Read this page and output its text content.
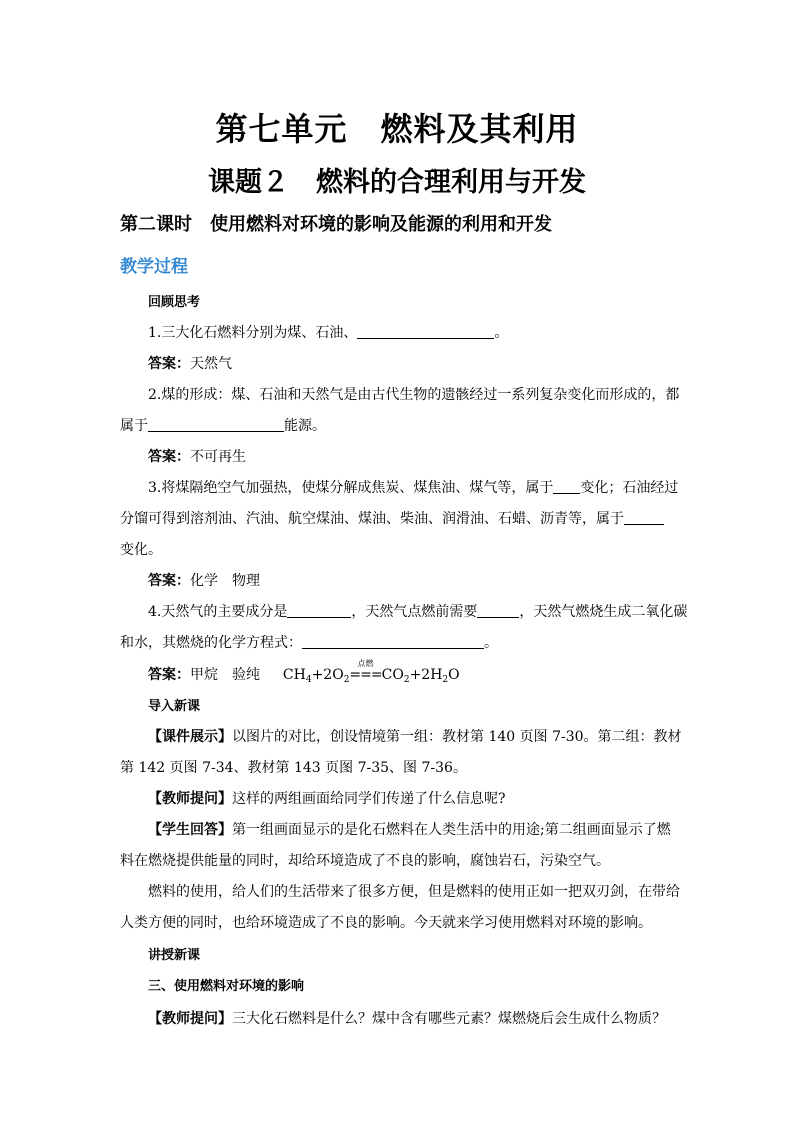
第七单元　燃料及其利用
课题２　燃料的合理利用与开发
第二课时　使用燃料对环境的影响及能源的利用和开发
教学过程
回顾思考
1.三大化石燃料分别为煤、石油、	。
答案：天然气
2.煤的形成：煤、石油和天然气是由古代生物的遗骸经过一系列复杂变化而形成的，都
属于	能源。
答案：不可再生
3.将煤隔绝空气加强热，使煤分解成焦炭、煤焦油、煤气等，属于 变化；石油经过
分馏可得到溶剂油、汽油、航空煤油、煤油、柴油、润滑油、石蜡、沥青等，属于
变化。
答案：化学　物理
4.天然气的主要成分是	，天然气点燃前需要	，天然气燃烧生成二氧化碳
和水，其燃烧的化学方程式：	。
答案：甲烷　验纯 $CH_4+2O_2$
点燃
$===CO_2+2H_2O$
导入新课
【课件展示】以图片的对比，创设情境第一组：教材第 140 页图 7-30。第二组：教材
第 142 页图 7-34、教材第 143 页图 7-35、图 7-36。
【教师提问】这样的两组画面给同学们传递了什么信息呢?
【学生回答】第一组画面显示的是化石燃料在人类生活中的用途;第二组画面显示了燃
料在燃烧提供能量的同时，却给环境造成了不良的影响，腐蚀岩石，污染空气。
燃料的使用，给人们的生活带来了很多方便，但是燃料的使用正如一把双刃剑，在带给
人类方便的同时，也给环境造成了不良的影响。今天就来学习使用燃料对环境的影响。
讲授新课
三、使用燃料对环境的影响
【教师提问】三大化石燃料是什么？煤中含有哪些元素？煤燃烧后会生成什么物质？
